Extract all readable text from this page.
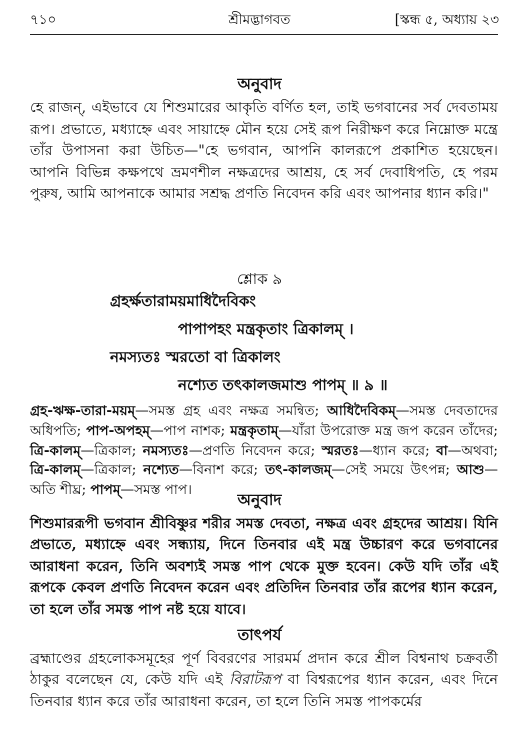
৭১০	শ্রীমদ্ভাগবত	[স্কন্ধ ৫, অধ্যায় ২৩
অনুবাদ
হে রাজন্‌, এইভাবে যে শিশুমারের আকৃতি বর্ণিত হল, তাই ভগবানের সর্ব দেবতাময় রূপ। প্রভাতে, মধ্যাহ্নে এবং সায়াহ্নে মৌন হয়ে সেই রূপ নিরীক্ষণ করে নিম্নোক্ত মন্ত্রে তাঁর উপাসনা করা উচিত—"হে ভগবান, আপনি কালরূপে প্রকাশিত হয়েছেন। আপনি বিভিন্ন কক্ষপথে ভ্রমণশীল নক্ষত্রদের আশ্রয়, হে সর্ব দেবাধিপতি, হে পরম পুরুষ, আমি আপনাকে আমার সশ্রদ্ধ প্রণতি নিবেদন করি এবং আপনার ধ্যান করি।"
শ্লোক ৯
গ্রহর্ক্ষতারাময়মাধিদৈবিকং
পাপাপহং মন্ত্রকৃতাং ত্রিকালম্‌ ।
নমস্যতঃ স্মরতো বা ত্রিকালং
নশ্যেত তৎকালজমাশু পাপম্‌ ॥ ৯ ॥
গ্রহ-ঋক্ষ-তারা-ময়ম্‌—সমস্ত গ্রহ এবং নক্ষত্র সমন্বিত; আধিদৈবিকম্‌—সমস্ত দেবতাদের অধিপতি; পাপ-অপহম্‌—পাপ নাশক; মন্ত্রকৃতাম্‌—যাঁরা উপরোক্ত মন্ত্র জপ করেন তাঁদের; ত্রি-কালম্‌—ত্রিকাল; নমস্যতঃ—প্রণতি নিবেদন করে; স্মরতঃ—ধ্যান করে; বা—অথবা; ত্রি-কালম্‌—ত্রিকাল; নশ্যেত—বিনাশ করে; তৎ-কালজম্‌—সেই সময়ে উৎপন্ন; আশু—অতি শীঘ্র; পাপম্‌—সমস্ত পাপ।	অনুবাদ
শিশুমাররূপী ভগবান শ্রীবিষ্ণুর শরীর সমস্ত দেবতা, নক্ষত্র এবং গ্রহদের আশ্রয়। যিনি প্রভাতে, মধ্যাহ্নে এবং সন্ধ্যায়, দিনে তিনবার এই মন্ত্র উচ্চারণ করে ভগবানের আরাধনা করেন, তিনি অবশ্যই সমস্ত পাপ থেকে মুক্ত হবেন। কেউ যদি তাঁর এই রূপকে কেবল প্রণতি নিবেদন করেন এবং প্রতিদিন তিনবার তাঁর রূপের ধ্যান করেন, তা হলে তাঁর সমস্ত পাপ নষ্ট হয়ে যাবে।
তাৎপর্য
ব্রহ্মাণ্ডের গ্রহলোকসমূহের পূর্ণ বিবরণের সারমর্ম প্রদান করে শ্রীল বিশ্বনাথ চক্রবর্তী ঠাকুর বলেছেন যে, কেউ যদি এই বিরাটরূপ বা বিশ্বরূপের ধ্যান করেন, এবং দিনে তিনবার ধ্যান করে তাঁর আরাধনা করেন, তা হলে তিনি সমস্ত পাপকর্মের
